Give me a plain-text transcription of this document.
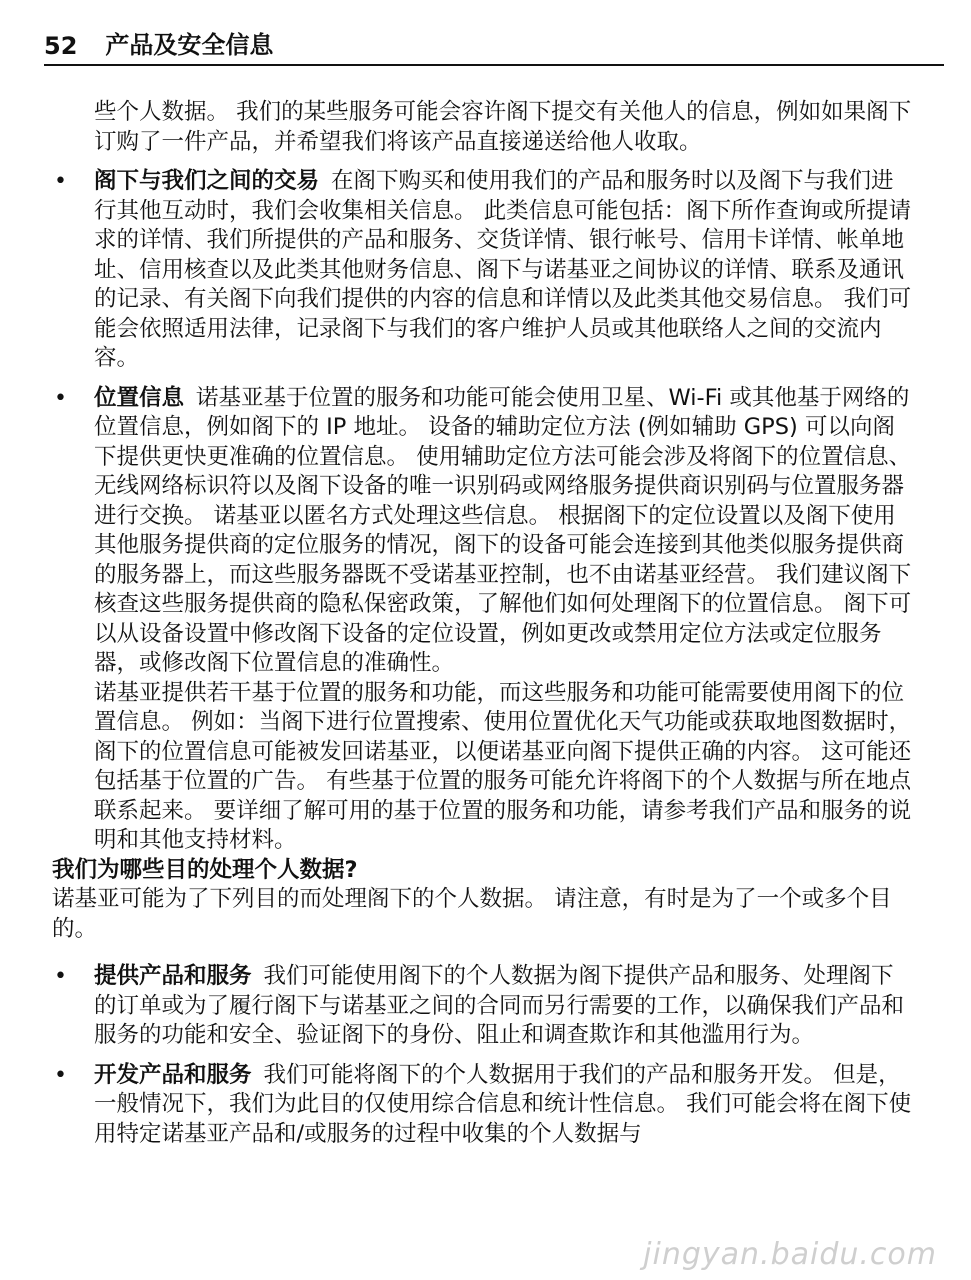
52 产品及安全信息

些个人数据。 我们的某些服务可能会容许阁下提交有关他人的信息，例如如果阁下订购了一件产品，并希望我们将该产品直接递送给他人收取。

• 阁下与我们之间的交易 在阁下购买和使用我们的产品和服务时以及阁下与我们进行其他互动时，我们会收集相关信息。 此类信息可能包括：阁下所作查询或所提请求的详情、我们所提供的产品和服务、交货详情、银行帐号、信用卡详情、帐单地址、信用核查以及此类其他财务信息、阁下与诺基亚之间协议的详情、联系及通讯的记录、有关阁下向我们提供的内容的信息和详情以及此类其他交易信息。 我们可能会依照适用法律，记录阁下与我们的客户维护人员或其他联络人之间的交流内容。
• 位置信息 诺基亚基于位置的服务和功能可能会使用卫星、Wi-Fi 或其他基于网络的位置信息，例如阁下的 IP 地址。 设备的辅助定位方法 (例如辅助 GPS) 可以向阁下提供更快更准确的位置信息。 使用辅助定位方法可能会涉及将阁下的位置信息、无线网络标识符以及阁下设备的唯一识别码或网络服务提供商识别码与位置服务器进行交换。 诺基亚以匿名方式处理这些信息。 根据阁下的定位设置以及阁下使用其他服务提供商的定位服务的情况，阁下的设备可能会连接到其他类似服务提供商的服务器上，而这些服务器既不受诺基亚控制，也不由诺基亚经营。 我们建议阁下核查这些服务提供商的隐私保密政策，了解他们如何处理阁下的位置信息。 阁下可以从设备设置中修改阁下设备的定位设置，例如更改或禁用定位方法或定位服务器，或修改阁下位置信息的准确性。

诺基亚提供若干基于位置的服务和功能，而这些服务和功能可能需要使用阁下的位置信息。 例如：当阁下进行位置搜索、使用位置优化天气功能或获取地图数据时，阁下的位置信息可能被发回诺基亚，以便诺基亚向阁下提供正确的内容。 这可能还包括基于位置的广告。 有些基于位置的服务可能允许将阁下的个人数据与所在地点联系起来。 要详细了解可用的基于位置的服务和功能，请参考我们产品和服务的说明和其他支持材料。

我们为哪些目的处理个人数据?

诺基亚可能为了下列目的而处理阁下的个人数据。 请注意，有时是为了一个或多个目的。

• 提供产品和服务 我们可能使用阁下的个人数据为阁下提供产品和服务、处理阁下的订单或为了履行阁下与诺基亚之间的合同而另行需要的工作，以确保我们产品和服务的功能和安全、验证阁下的身份、阻止和调查欺诈和其他滥用行为。
• 开发产品和服务 我们可能将阁下的个人数据用于我们的产品和服务开发。 但是，一般情况下，我们为此目的仅使用综合信息和统计性信息。 我们可能会将在阁下使用特定诺基亚产品和/或服务的过程中收集的个人数据与
jingyan.baidu.com
